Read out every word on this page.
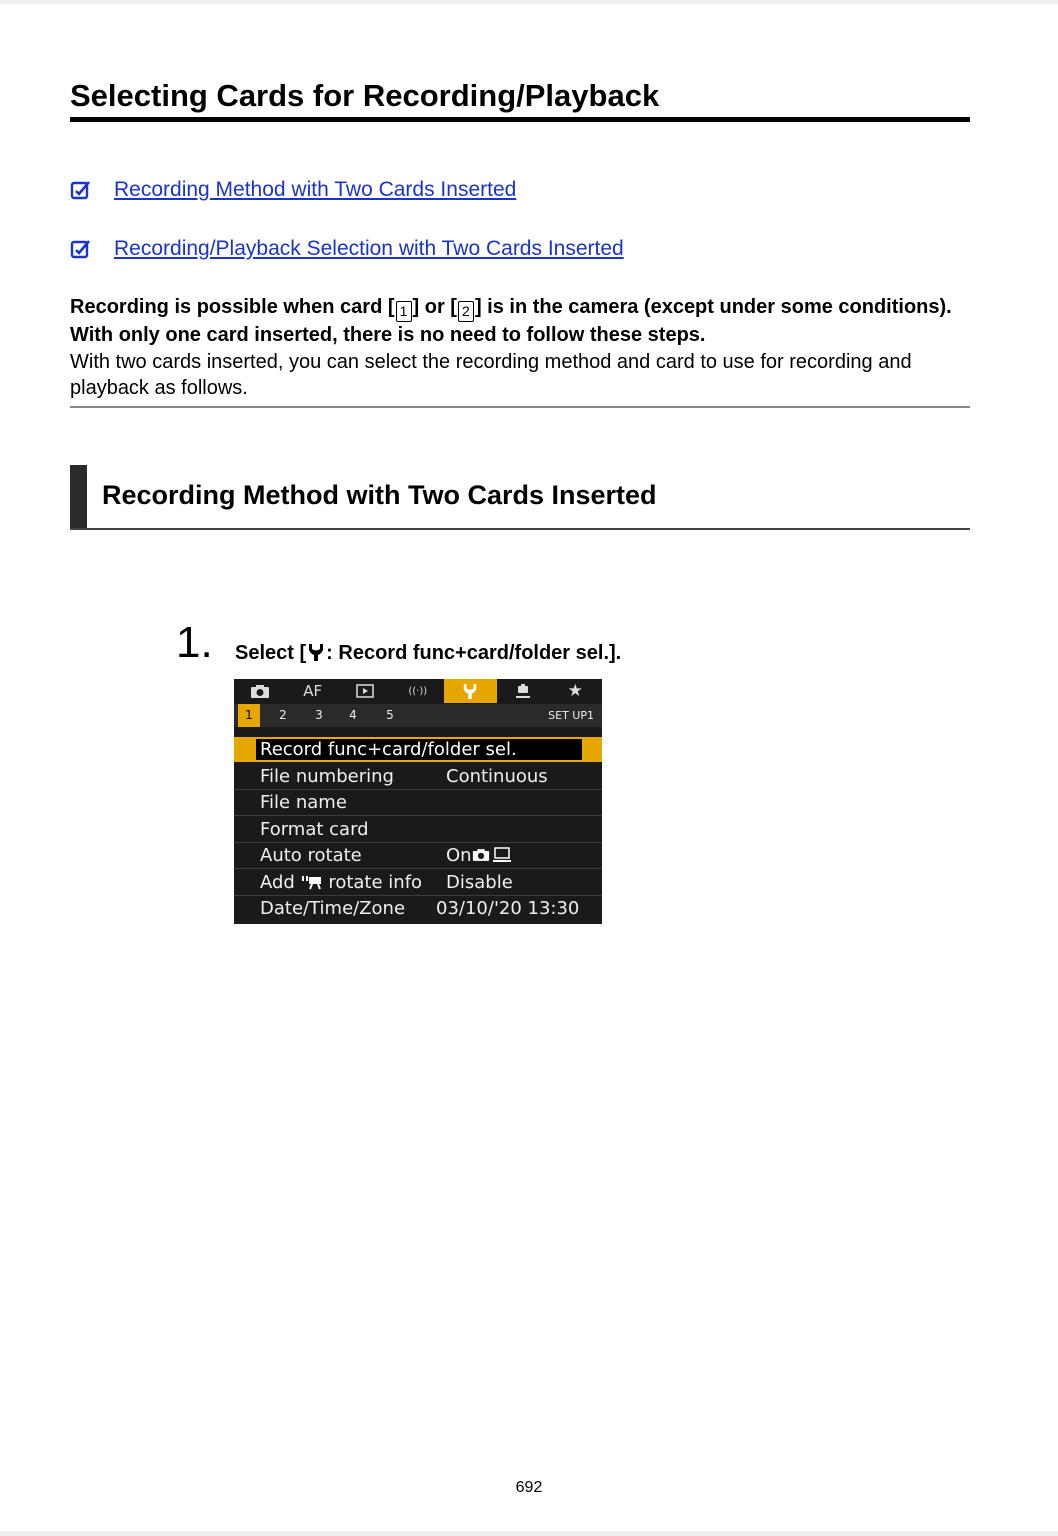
Selecting Cards for Recording/Playback
Recording Method with Two Cards Inserted
Recording/Playback Selection with Two Cards Inserted
Recording is possible when card [ 1 ] or [ 2 ] is in the camera (except under some conditions). With only one card inserted, there is no need to follow these steps.
With two cards inserted, you can select the recording method and card to use for recording and playback as follows.
Recording Method with Two Cards Inserted
1. Select [ : Record func+card/folder sel.].
AF	((·))	★
1	2	3	4	5	SET UP1
Record func+card/folder sel.
File numbering	Continuous
File name
Format card
Auto rotate	On
Add rotate info Disable
Date/Time/Zone 03/10/'20 13:30
692
